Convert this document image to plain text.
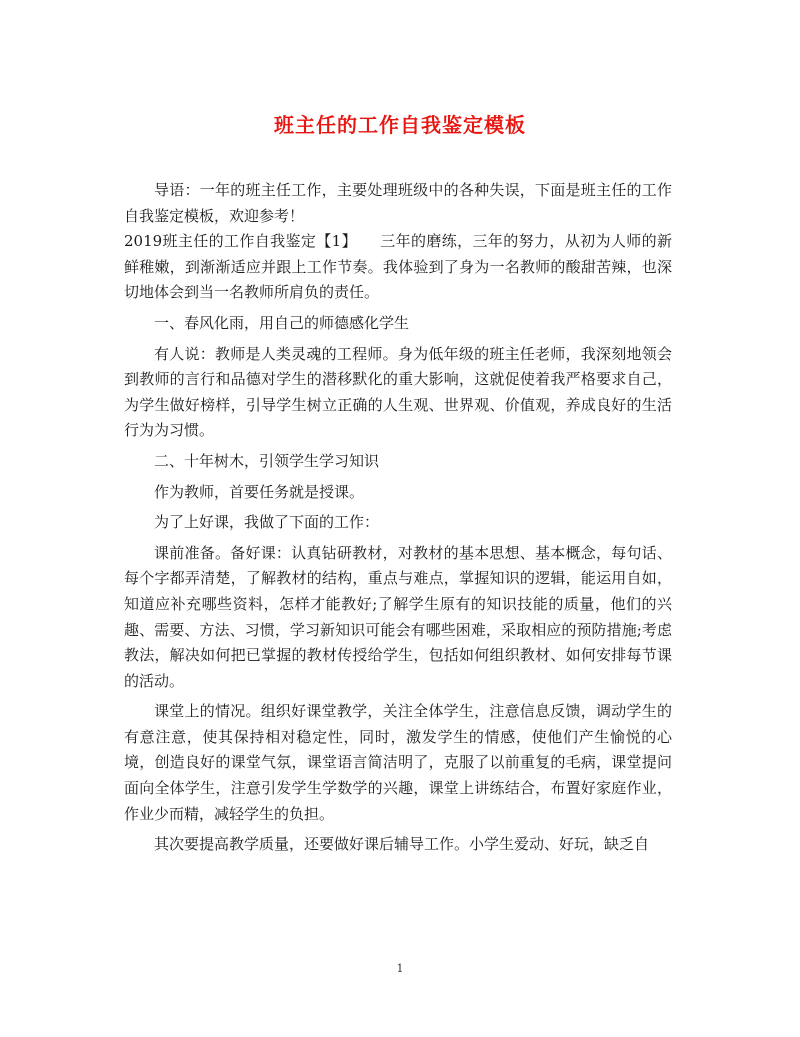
班主任的工作自我鉴定模板

导语：一年的班主任工作，主要处理班级中的各种失误，下面是班主任的工作自我鉴定模板，欢迎参考！

2019班主任的工作自我鉴定【1】　　三年的磨练，三年的努力，从初为人师的新鲜稚嫩，到渐渐适应并跟上工作节奏。我体验到了身为一名教师的酸甜苦辣，也深切地体会到当一名教师所肩负的责任。

一、春风化雨，用自己的师德感化学生

有人说：教师是人类灵魂的工程师。身为低年级的班主任老师，我深刻地领会到教师的言行和品德对学生的潜移默化的重大影响，这就促使着我严格要求自己，为学生做好榜样，引导学生树立正确的人生观、世界观、价值观，养成良好的生活行为为习惯。

二、十年树木，引领学生学习知识

作为教师，首要任务就是授课。

为了上好课，我做了下面的工作：

课前准备。备好课：认真钻研教材，对教材的基本思想、基本概念，每句话、每个字都弄清楚，了解教材的结构，重点与难点，掌握知识的逻辑，能运用自如，知道应补充哪些资料，怎样才能教好;了解学生原有的知识技能的质量，他们的兴趣、需要、方法、习惯，学习新知识可能会有哪些困难，采取相应的预防措施;考虑教法，解决如何把已掌握的教材传授给学生，包括如何组织教材、如何安排每节课的活动。

课堂上的情况。组织好课堂教学，关注全体学生，注意信息反馈，调动学生的有意注意，使其保持相对稳定性，同时，激发学生的情感，使他们产生愉悦的心境，创造良好的课堂气氛，课堂语言简洁明了，克服了以前重复的毛病，课堂提问面向全体学生，注意引发学生学数学的兴趣，课堂上讲练结合，布置好家庭作业，作业少而精，减轻学生的负担。

其次要提高教学质量，还要做好课后辅导工作。小学生爱动、好玩，缺乏自

1
